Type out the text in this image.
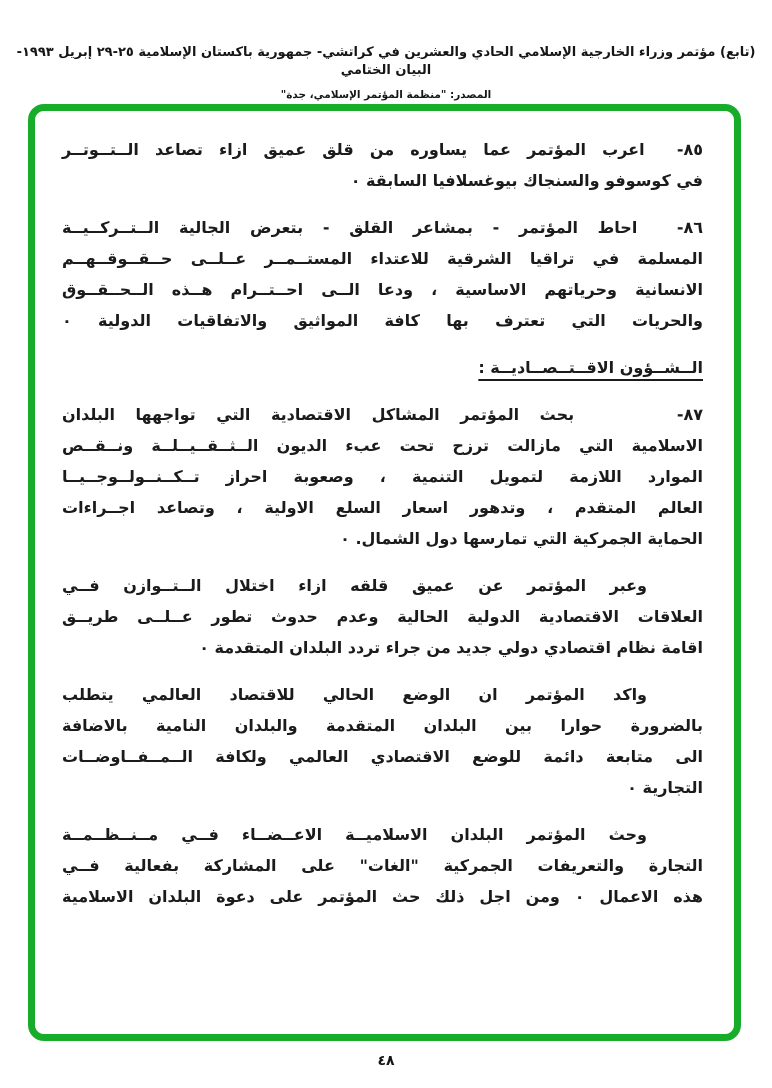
(تابع) مؤتمر وزراء الخارجية الإسلامي الحادي والعشرين في كراتشي- جمهورية باكستان الإسلامية ٢٥-٢٩ إبريل ١٩٩٣- البيان الختامي
المصدر: "منظمة المؤتمر الإسلامي، جدة"
٨٥-  اعرب المؤتمر عما يساوره من قلق عميق ازاء تصاعد الــتــوتــر
في كوسوفو والسنجاك بيوغسلافيا السابقة ٠
٨٦-  احاط المؤتمر - بمشاعر القلق - بتعرض الجالية الــتــركــيــة
المسلمة في تراقيا الشرقية للاعتداء المستــمــر عــلــى حــقــوقــهــم
الانسانية وحرياتهم الاساسية ، ودعا الــى احــتــرام هــذه الــحــقــوق
والحريات التي تعترف بها كافة المواثيق والاتفاقيات الدولية ٠
الــشــؤون الاقــتــصــاديــة :
٨٧-     بحث المؤتمر المشاكل الاقتصادية التي تواجهها البلدان
الاسلامية التي مازالت ترزح تحت عبء الديون الــثــقــيــلــة ونــقــص
الموارد اللازمة لتمويل التنمية ، وصعوبة احراز تــكــنــولــوجــيــا
العالم المتقدم ، وتدهور اسعار السلع الاولية ، وتصاعد اجــراءات
الحماية الجمركية التي تمارسها دول الشمال. ٠
وعبر المؤتمر عن عميق قلقه ازاء اختلال الــتــوازن فــي
العلاقات الاقتصادية الدولية الحالية وعدم حدوث تطور عــلــى طريــق
اقامة نظام اقتصادي دولي جديد من جراء تردد البلدان المتقدمة ٠
واكد المؤتمر ان الوضع الحالي للاقتصاد العالمي يتطلب
بالضرورة حوارا بين البلدان المتقدمة والبلدان النامية بالاضافة
الى متابعة دائمة للوضع الاقتصادي العالمي ولكافة الــمــفــاوضــات
التجارية ٠
وحث المؤتمر البلدان الاسلاميــة الاعــضــاء فــي مــنــظــمــة
التجارة والتعريفات الجمركية "الغات" على المشاركة بفعالية فــي
هذه الاعمال ٠ ومن اجل ذلك حث المؤتمر على دعوة البلدان الاسلامية
٤٨
